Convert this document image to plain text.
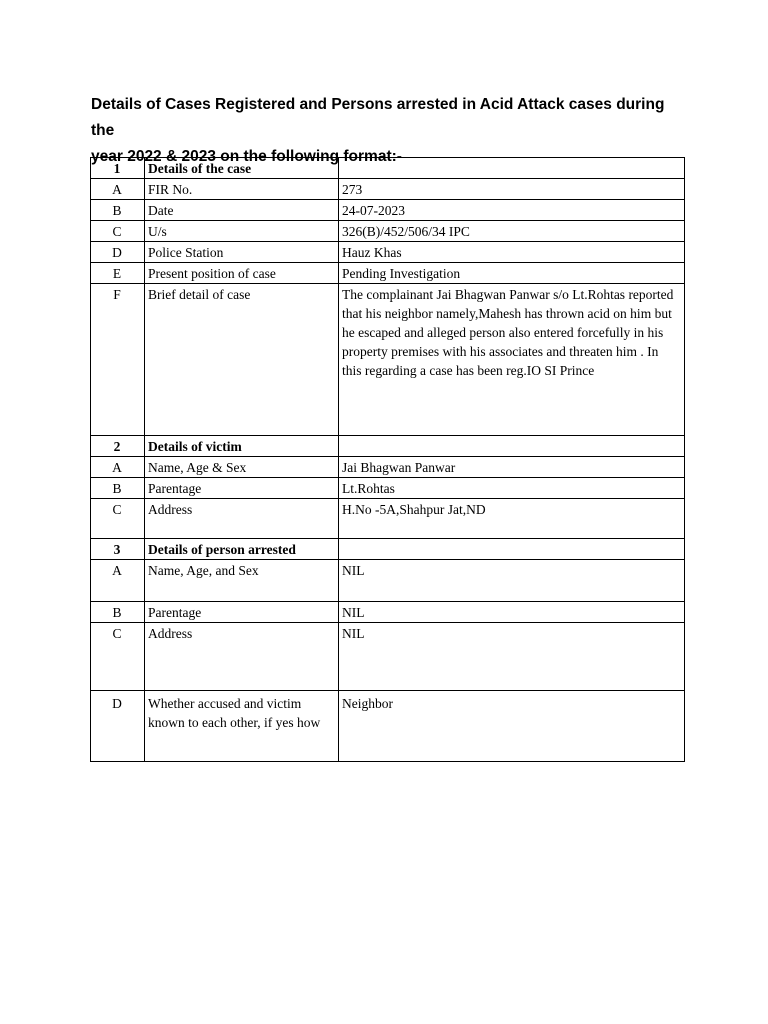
Details of Cases Registered and Persons arrested in Acid Attack cases during the
year 2022 & 2023 on the following format:-
1	Details of the case	
A	FIR No.	273
B	Date	24-07-2023
C	U/s	326(B)/452/506/34 IPC
D	Police Station	Hauz Khas
E	Present position of case	Pending Investigation
F	Brief detail of case	The complainant Jai Bhagwan Panwar s/o Lt.Rohtas reported that his neighbor namely,Mahesh has thrown acid on him but he escaped and alleged person also entered forcefully in his property premises with his associates and threaten him . In this regarding a case has been reg.IO SI Prince
2	Details of victim	
A	Name, Age & Sex	Jai Bhagwan Panwar
B	Parentage	Lt.Rohtas
C	Address	H.No -5A,Shahpur Jat,ND
3	Details of person arrested	
A	Name, Age, and Sex	NIL
B	Parentage	NIL
C	Address	NIL
D	Whether accused and victim known to each other, if yes how	Neighbor
